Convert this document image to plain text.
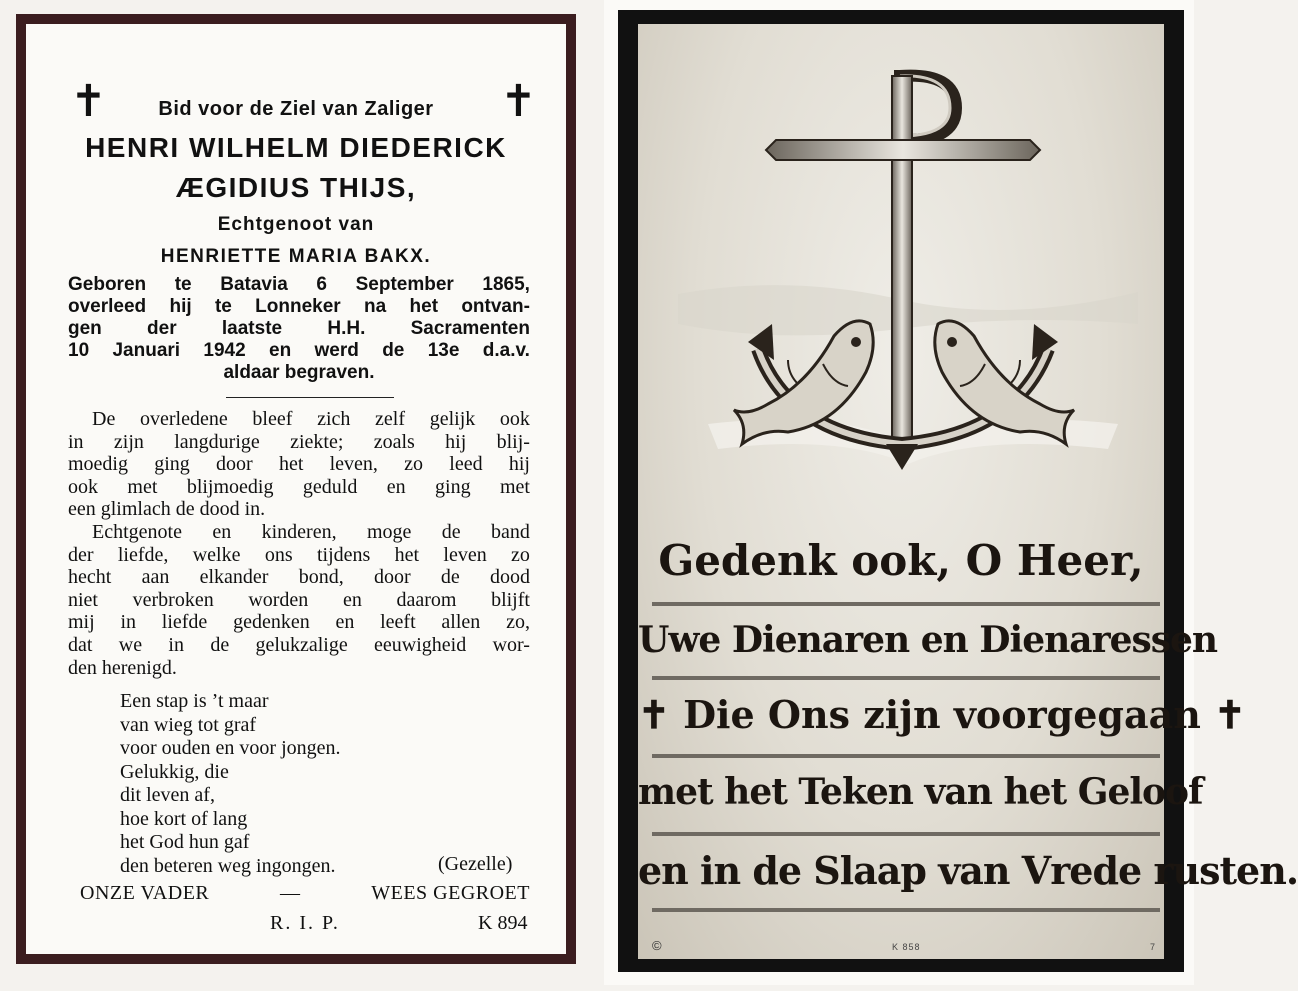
✝	✝
Bid voor de Ziel van Zaliger
HENRI WILHELM DIEDERICK
ÆGIDIUS THIJS,
Echtgenoot van
HENRIETTE MARIA BAKX.
Geboren te Batavia 6 September 1865,
overleed hij te Lonneker na het ontvan-
gen der laatste H.H. Sacramenten
10 Januari 1942 en werd de 13e d.a.v.
aldaar begraven.
De overledene bleef zich zelf gelijk ook
in zijn langdurige ziekte; zoals hij blij-
moedig ging door het leven, zo leed hij
ook met blijmoedig geduld en ging met
een glimlach de dood in.
Echtgenote en kinderen, moge de band
der liefde, welke ons tijdens het leven zo
hecht aan elkander bond, door de dood
niet verbroken worden en daarom blijft
mij in liefde gedenken en leeft allen zo,
dat we in de gelukzalige eeuwigheid wor-
den herenigd.
Een stap is ’t maar
van wieg tot graf
voor ouden en voor jongen.
Gelukkig, die
dit leven af,
hoe kort of lang
het God hun gaf
den beteren weg ingongen.	(Gezelle)
ONZE VADER	—	WEES GEGROET
R. I. P.	K 894
Gedenk ook, O Heer,
Uwe Dienaren en Dienaressen
✝ Die Ons zijn voorgegaan ✝
met het Teken van het Geloof
en in de Slaap van Vrede rusten.
©	K 858	7
